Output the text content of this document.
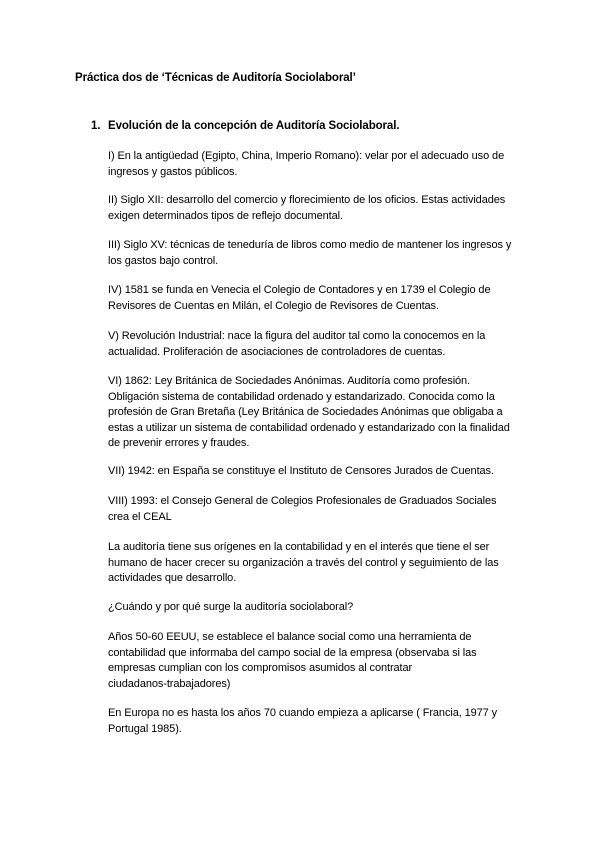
Práctica dos de ‘Técnicas de Auditoría Sociolaboral’
1. Evolución de la concepción de Auditoría Sociolaboral.
I) En la antigüedad (Egipto, China, Imperio Romano): velar por el adecuado uso de
ingresos y gastos públicos.
II) Siglo XII: desarrollo del comercio y florecimiento de los oficios. Estas actividades
exigen determinados tipos de reflejo documental.
III) Siglo XV: técnicas de teneduría de libros como medio de mantener los ingresos y
los gastos bajo control.
IV) 1581 se funda en Venecia el Colegio de Contadores y en 1739 el Colegio de
Revisores de Cuentas en Milán, el Colegio de Revisores de Cuentas.
V) Revolución Industrial: nace la figura del auditor tal como la conocemos en la
actualidad. Proliferación de asociaciones de controladores de cuentas.
VI) 1862: Ley Británica de Sociedades Anónimas. Auditoría como profesión.
Obligación sistema de contabilidad ordenado y estandarizado. Conocida como la
profesión de Gran Bretaña (Ley Británica de Sociedades Anónimas que obligaba a
estas a utilizar un sistema de contabilidad ordenado y estandarizado con la finalidad
de prevenir errores y fraudes.
VII) 1942: en España se constituye el Instituto de Censores Jurados de Cuentas.
VIII) 1993: el Consejo General de Colegios Profesionales de Graduados Sociales
crea el CEAL
La auditoría tiene sus orígenes en la contabilidad y en el interés que tiene el ser
humano de hacer crecer su organización a través del control y seguimiento de las
actividades que desarrollo.
¿Cuándo y por qué surge la auditoría sociolaboral?
Años 50-60 EEUU, se establece el balance social como una herramienta de
contabilidad que informaba del campo social de la empresa (observaba si las
empresas cumplian con los compromisos asumidos al contratar
ciudadanos-trabajadores)
En Europa no es hasta los años 70 cuando empieza a aplicarse ( Francia, 1977 y
Portugal 1985).
